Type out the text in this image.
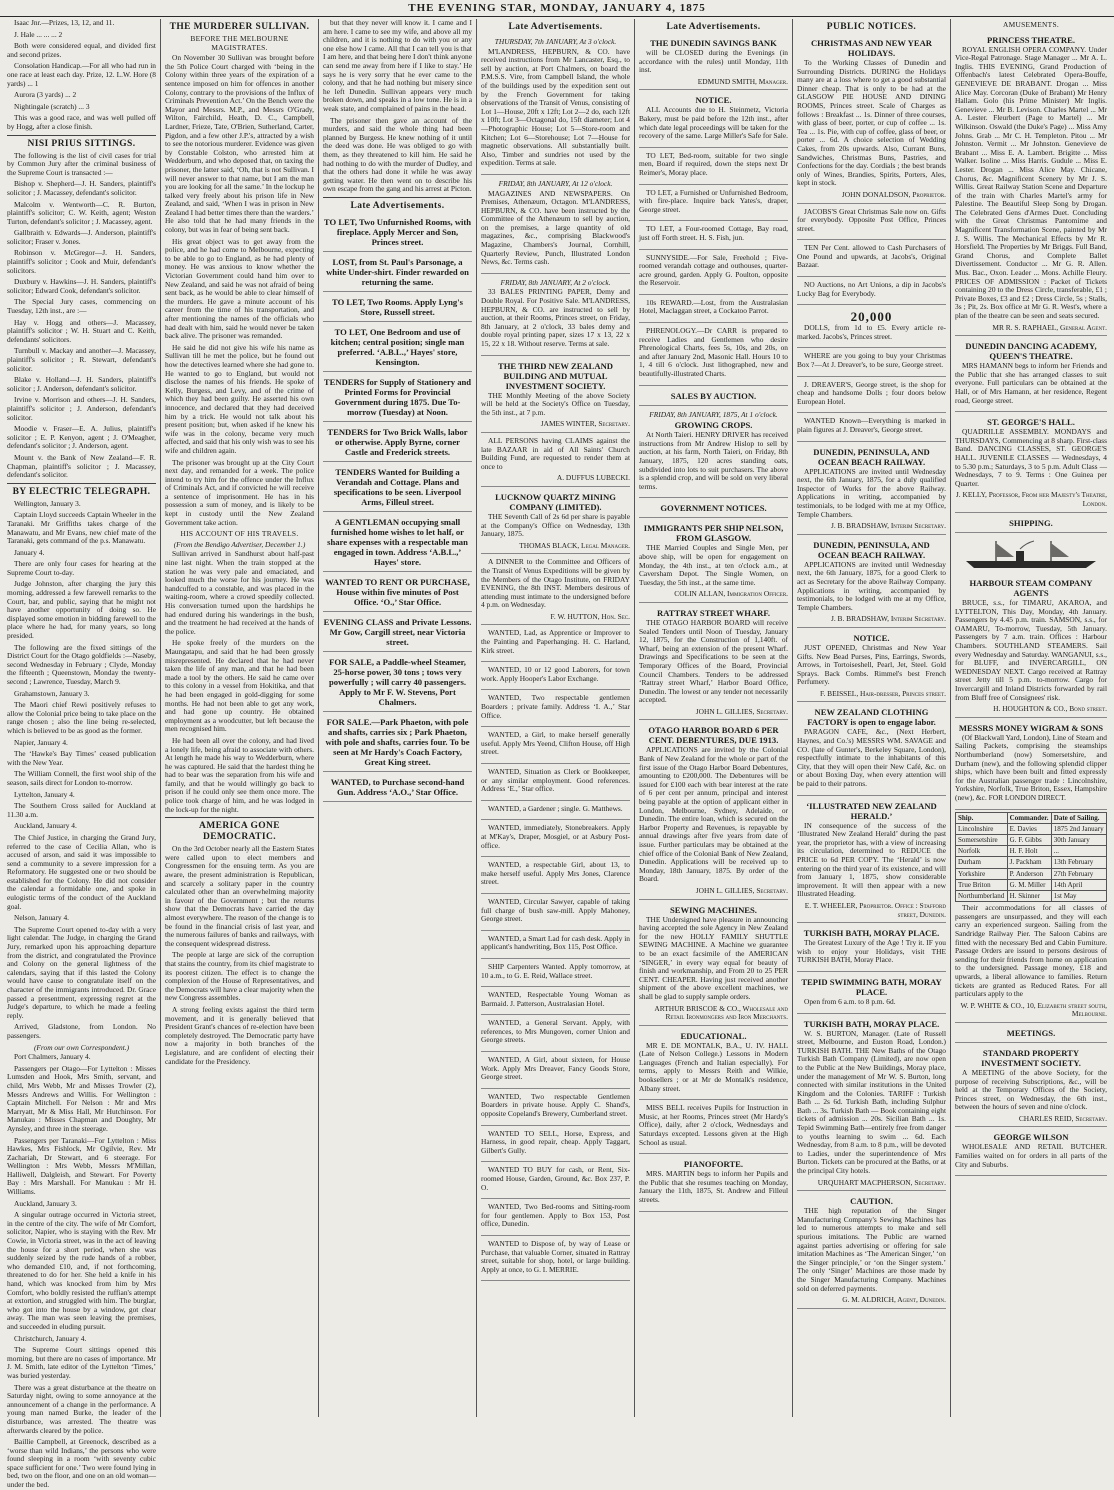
THE EVENING STAR, MONDAY, JANUARY 4, 1875

Isaac Jnr.—Prizes, 13, 12, and 11.

J. Hale ... ... ... 2

Both were considered equal, and divided first and second prizes.

Consolation Handicap.—For all who had run in one race at least each day. Prize, 12. L.W. Hore (8 yards) ... 1

Aurora (3 yards) ... 2

Nightingale (scratch) ... 3

This was a good race, and was well pulled off by Hogg, after a close finish.

NISI PRIUS SITTINGS.

The following is the list of civil cases for trial by Common Jury after the criminal business of the Supreme Court is transacted :—

Bishop v. Shepherd—J. H. Sanders, plaintiff's solicitor ; J. Macassey, defendant's solicitor.

Malcolm v. Wentworth—C. R. Burton, plaintiff's solicitor; C. W. Keith, agent; Weston Turton, defendant's solicitor ; J. Macassey, agent.

Gallbraith v. Edwards—J. Anderson, plaintiff's solicitor; Fraser v. Jones.

Robinson v. McGregor—J. H. Sanders, plaintiff's solicitor ; Cook and Muir, defendant's solicitors.

Duxbury v. Hawkins—J. H. Sanders, plaintiff's solicitor; Edward Cook, defendant's solicitor.

The Special Jury cases, commencing on Tuesday, 12th inst., are :—

Hay v. Hogg and others—J. Macassey, plaintiff's solicitor ; W. H. Stuart and C. Keith, defendants' solicitors.

Turnbull v. Mackay and another—J. Macassey, plaintiff's solicitor ; R. Stewart, defendant's solicitor.

Blake v. Holland—J. H. Sanders, plaintiff's solicitor ; J. Anderson, defendant's solicitor.

Irvine v. Morrison and others—J. H. Sanders, plaintiff's solicitor ; J. Anderson, defendant's solicitor.

Moodie v. Fraser—E. A. Julius, plaintiff's solicitor ; E. P. Kenyon, agent ; J. O'Meagher, defendant's solicitor ; J. Anderson, agent.

Mount v. the Bank of New Zealand—F. R. Chapman, plaintiff's solicitor ; J. Macassey, defendant's solicitor.

BY ELECTRIC TELEGRAPH.

Wellington, January 3.

Captain Lloyd succeeds Captain Wheeler in the Taranaki. Mr Griffiths takes charge of the Manawatu, and Mr Evans, new chief mate of the Taranaki, gets command of the p.s. Manawatu.

January 4.

There are only four cases for hearing at the Supreme Court to-day.

Judge Johnston, after charging the jury this morning, addressed a few farewell remarks to the Court, bar, and public, saying that he might not have another opportunity of doing so. He displayed some emotion in bidding farewell to the place where he had, for many years, so long presided.

The following are the fixed sittings of the District Court for the Otago goldfields :—Naseby, second Wednesday in February ; Clyde, Monday the fifteenth ; Queenstown, Monday the twenty-second ; Lawrence, Tuesday, March 9.

Grahamstown, January 3.

The Maori chief Rewi positively refuses to allow the Colonial price being to take place on the range chosen ; also the line being re-selected, which is believed to be as good as the former.

Napier, January 4.

The ‘Hawke's Bay Times’ ceased publication with the New Year.

The William Connell, the first wool ship of the season, sails direct for London to-morrow.

Lyttelton, January 4.

The Southern Cross sailed for Auckland at 11.30 a.m.

Auckland, January 4.

The Chief Justice, in charging the Grand Jury, referred to the case of Cecilia Allan, who is accused of arson, and said it was impossible to send a community to a severe impression for a Reformatory. He suggested one or two should be established for the Colony. He did not consider the calendar a formidable one, and spoke in eulogistic terms of the conduct of the Auckland goal.

Nelson, January 4.

The Supreme Court opened to-day with a very light calendar. The Judge, in charging the Grand Jury, remarked upon his approaching departure from the district, and congratulated the Province and Colony on the general lightness of the calendars, saying that if this lasted the Colony would have cause to congratulate itself on the character of the immigrants introduced. Dr. Grace passed a presentment, expressing regret at the Judge's departure, to which he made a feeling reply.

Arrived, Gladstone, from London. No passengers.

(From our own Correspondent.)

Port Chalmers, January 4.

Passengers per Otago—For Lyttelton : Misses Lumsden and Hook, Mrs Smith, servant, and child, Mrs Webb, Mr and Misses Trowler (2), Messrs Andrews and Willis. For Wellington : Captain Mitchell. For Nelson : Mr and Mrs Marryatt, Mr & Miss Hall, Mr Hutchinson. For Manukau : Misses Chapman and Doughty, Mr Aynsley, and three in the steerage.

Passengers per Taranaki—For Lyttelton : Miss Hawkes, Mrs Fishlock, Mr Ogilvie, Rev. Mr Zachariah, Dr Stewart, and 6 steerage. For Wellington : Mrs Webb, Messrs M'Millan, Halliwell, Dalgleish, and Stewart. For Poverty Bay : Mrs Marshall. For Manukau : Mr H. Williams.

Auckland, January 3.

A singular outrage occurred in Victoria street, in the centre of the city. The wife of Mr Comfort, solicitor, Napier, who is staying with the Rev. Mr Cowie, in Victoria street, was in the act of leaving the house for a short period, when she was suddenly seized by the rude hands of a robber, who demanded £10, and, if not forthcoming, threatened to do for her. She held a knife in his hand, which was knocked from him by Mrs Comfort, who boldly resisted the ruffian's attempt at extortion, and struggled with him. The burglar, who got into the house by a window, got clear away. The man was seen leaving the premises, and succeeded in eluding pursuit.

Christchurch, January 4.

The Supreme Court sittings opened this morning, but there are no cases of importance. Mr J. M. Smith, late editor of the Lyttelton ‘Times,’ was buried yesterday.

There was a great disturbance at the theatre on Saturday night, owing to some annoyance at the announcement of a change in the performance. A young man named Burke, the leader of the disturbance, was arrested. The theatre was afterwards cleared by the police.

Baillie Campbell, at Greenock, described as a ‘worse than wild Indians,’ the persons who were found sleeping in a room ‘with seventy cubic space sufficient for one.’ Two were found lying in bed, two on the floor, and one on an old woman—under the bed.

THE MURDERER SULLIVAN.
BEFORE THE MELBOURNE MAGISTRATES.

On November 30 Sullivan was brought before the 5th Police Court charged with ‘being in the Colony within three years of the expiration of a sentence imposed on him for offences in another Colony, contrary to the provisions of the Influx of Criminals Prevention Act.’ On the Bench were the Mayor and Messrs. M.P., and Messrs O'Grady, Wilton, Fairchild, Heath, D. C., Campbell, Lardner, Frieze, Tate, O'Brien, Sutherland, Carter, Pigdon, and a few other J.P.'s, attracted by a wish to see the notorious murderer. Evidence was given by Constable Colston, who arrested him at Wedderburn, and who deposed that, on taxing the prisoner, the latter said, ‘Oh, that is not Sullivan. I will never answer to that name, but I am the man you are looking for all the same.’ In the lockup he talked very freely about his prison life in New Zealand, and said, ‘When I was in prison in New Zealand I had better times there than the warders.’ He also told that he had many friends in the colony, but was in fear of being sent back.

His great object was to get away from the police, and he had come to Melbourne, expecting to be able to go to England, as he had plenty of money. He was anxious to know whether the Victorian Government could hand him over to New Zealand, and said he was not afraid of being sent back, as he would be able to clear himself of the murders. He gave a minute account of his career from the time of his transportation, and after mentioning the names of the officials who had dealt with him, said he would never be taken back alive. The prisoner was remanded.

He said he did not give his wife his name as Sullivan till he met the police, but he found out how the detectives learned where she had gone to. He wanted to go to England, but would not disclose the names of his friends. He spoke of Kelly, Burgess, and Levy, and of the crime of which they had been guilty. He asserted his own innocence, and declared that they had deceived him by a trick. He would not talk about his present position; but, when asked if he knew his wife was in the colony, became very much affected, and said that his only wish was to see his wife and children again.

The prisoner was brought up at the City Court next day, and remanded for a week. The police intend to try him for the offence under the Influx of Criminals Act, and if convicted he will receive a sentence of imprisonment. He has in his possession a sum of money, and is likely to be kept in custody until the New Zealand Government take action.

HIS ACCOUNT OF HIS TRAVELS.
(From the Bendigo Advertiser, December 1.)

Sullivan arrived in Sandhurst about half-past nine last night. When the train stopped at the station he was very pale and emaciated, and looked much the worse for his journey. He was handcuffed to a constable, and was placed in the waiting-room, where a crowd speedily collected. His conversation turned upon the hardships he had endured during his wanderings in the bush, and the treatment he had received at the hands of the police.

He spoke freely of the murders on the Maungatapu, and said that he had been grossly misrepresented. He declared that he had never taken the life of any man, and that he had been made a tool by the others. He said he came over to this colony in a vessel from Hokitika, and that he had been engaged in gold-digging for some months. He had not been able to get any work, and had gone up country. He obtained employment as a woodcutter, but left because the men recognised him.

He had been all over the colony, and had lived a lonely life, being afraid to associate with others. At length he made his way to Wedderburn, where he was captured. He said that the hardest thing he had to bear was the separation from his wife and family, and that he would willingly go back to prison if he could only see them once more. The police took charge of him, and he was lodged in the lock-up for the night.

AMERICA GONE DEMOCRATIC.

On the 3rd October nearly all the Eastern States were called upon to elect members and Congressmen for the ensuing term. As you are aware, the present administration is Republican, and scarcely a solitary paper in the country calculated other than an overwhelming majority in favour of the Government ; but the returns show that the Democrats have carried the day almost everywhere. The reason of the change is to be found in the financial crisis of last year, and the numerous failures of banks and railways, with the consequent widespread distress.

The people at large are sick of the corruption that stains the country, from its chief magistrate to its poorest citizen. The effect is to change the complexion of the House of Representatives, and the Democrats will have a clear majority when the new Congress assembles.

A strong feeling exists against the third term movement, and it is generally believed that President Grant's chances of re-election have been completely destroyed. The Democratic party have now a majority in both branches of the Legislature, and are confident of electing their candidate for the Presidency.

but that they never will know it. I came and I am here. I came to see my wife, and above all my children, and it is nothing to do with you or any one else how I came. All that I can tell you is that I am here, and that being here I don't think anyone can send me away from here if I like to stay.’ He says he is very sorry that he ever came to the colony, and that he had nothing but misery since he left Dunedin. Sullivan appears very much broken down, and speaks in a low tone. He is in a weak state, and complained of pains in the head.

The prisoner then gave an account of the murders, and said the whole thing had been planned by Burgess. He knew nothing of it until the deed was done. He was obliged to go with them, as they threatened to kill him. He said he had nothing to do with the murder of Dudley, and that the others had done it while he was away getting water. He then went on to describe his own escape from the gang and his arrest at Picton.

Late Advertisements.
TO LET, Two Unfurnished Rooms, with fireplace. Apply Mercer and Son, Princes street.
LOST, from St. Paul's Parsonage, a white Under-shirt. Finder rewarded on returning the same.
TO LET, Two Rooms. Apply Lyng's Store, Russell street.
TO LET, One Bedroom and use of kitchen; central position; single man preferred. ‘A.B.L.,’ Hayes' store, Kensington.
TENDERS for Supply of Stationery and Printed Forms for Provincial Government during 1875. Due To-morrow (Tuesday) at Noon.
TENDERS for Two Brick Walls, labor or otherwise. Apply Byrne, corner Castle and Frederick streets.
TENDERS Wanted for Building a Verandah and Cottage. Plans and specifications to be seen. Liverpool Arms, Filleul street.
A GENTLEMAN occupying small furnished home wishes to let half, or share expenses with a respectable man engaged in town. Address ‘A.B.L.,’ Hayes' store.
WANTED TO RENT OR PURCHASE, House within five minutes of Post Office. ‘O.,’ Star Office.
EVENING CLASS and Private Lessons. Mr Gow, Cargill street, near Victoria street.
FOR SALE, a Paddle-wheel Steamer, 25-horse power, 30 tons ; tows very powerfully ; will carry 40 passengers. Apply to Mr F. W. Stevens, Port Chalmers.
FOR SALE.—Park Phaeton, with pole and shafts, carries six ; Park Phaeton, with pole and shafts, carries four. To be seen at Mr Hardy's Coach Factory, Great King street.
WANTED, to Purchase second-hand Gun. Address ‘A.O.,’ Star Office.
Late Advertisements.
THURSDAY, 7th JANUARY, At 3 o'clock.

M'LANDRESS, HEPBURN, & CO. have received instructions from Mr Lancaster, Esq., to sell by auction, at Port Chalmers, on board the P.M.S.S. Vire, from Campbell Island, the whole of the buildings used by the expedition sent out by the French Government for taking observations of the Transit of Venus, consisting of Lot 1—House, 20ft x 12ft; Lot 2—2 do, each 12ft x 10ft; Lot 3—Octagonal do, 15ft diameter; Lot 4—Photographic House; Lot 5—Store-room and Kitchen; Lot 6—Storehouse; Lot 7—House for magnetic observations. All substantially built. Also, Timber and sundries not used by the expedition. Terms at sale.

FRIDAY, 8th JANUARY, At 12 o'clock.

MAGAZINES AND NEWSPAPERS. On Premises, Athenæum, Octagon. M'LANDRESS, HEPBURN, & CO. have been instructed by the Committee of the Athenæum to sell by auction, on the premises, a large quantity of old magazines, &c., comprising Blackwood's Magazine, Chambers's Journal, Cornhill, Quarterly Review, Punch, Illustrated London News, &c. Terms cash.

FRIDAY, 8th JANUARY, At 2 o'clock.

33 BALES PRINTING PAPER, Demy and Double Royal. For Positive Sale. M'LANDRESS, HEPBURN, & CO. are instructed to sell by auction, at their Rooms, Princes street, on Friday, 8th January, at 2 o'clock, 33 bales demy and double royal printing paper, sizes 17 x 13, 22 x 15, 22 x 18. Without reserve. Terms at sale.

THE THIRD NEW ZEALAND BUILDING AND MUTUAL INVESTMENT SOCIETY.

THE Monthly Meeting of the above Society will be held at the Society's Office on Tuesday, the 5th inst., at 7 p.m.

JAMES WINTER, Secretary.

ALL PERSONS having CLAIMS against the late BAZAAR in aid of All Saints' Church Building Fund, are requested to render them at once to

A. DUFFUS LUBECKI.
LUCKNOW QUARTZ MINING COMPANY (LIMITED).

THE Seventh Call of 2s 6d per share is payable at the Company's Office on Wednesday, 13th January, 1875.

THOMAS BLACK, Legal Manager.

A DINNER to the Committee and Officers of the Transit of Venus Expeditions will be given by the Members of the Otago Institute, on FRIDAY EVENING, the 8th INST. Members desirous of attending must intimate to the undersigned before 4 p.m. on Wednesday.

F. W. HUTTON, Hon. Sec.

WANTED, Lad, as Apprentice or Improver to the Painting and Paperhanging. H. C. Harland, Kirk street.

WANTED, 10 or 12 good Laborers, for town work. Apply Hooper's Labor Exchange.

WANTED, Two respectable gentlemen Boarders ; private family. Address ‘I. A.,’ Star Office.

WANTED, a Girl, to make herself generally useful. Apply Mrs Yeend, Clifton House, off High street.

WANTED, Situation as Clerk or Bookkeeper, or any similar employment. Good references. Address ‘E.,’ Star office.

WANTED, a Gardener ; single. G. Matthews.

WANTED, immediately, Stonebreakers. Apply at M'Kay's, Draper, Mosgiel, or at Asbury Post-office.

WANTED, a respectable Girl, about 13, to make herself useful. Apply Mrs Jones, Clarence street.

WANTED, Circular Sawyer, capable of taking full charge of bush saw-mill. Apply Mahoney, George street.

WANTED, a Smart Lad for cash desk. Apply in applicant's handwriting, Box 115, Post Office.

SHIP Carpenters Wanted. Apply tomorrow, at 10 a.m., to G. E. Reid, Wallace street.

WANTED, Respectable Young Woman as Barmaid. J. Patterson, Australasian Hotel.

WANTED, a General Servant. Apply, with references, to Mrs Mungoven, corner Union and George streets.

WANTED, A Girl, about sixteen, for House Work. Apply Mrs Dreaver, Fancy Goods Store, George street.

WANTED, Two respectable Gentlemen Boarders in private house. Apply C. Shand's, opposite Copeland's Brewery, Cumberland street.

WANTED TO SELL, Horse, Express, and Harness, in good repair, cheap. Apply Taggart, Gilbert's Gully.

WANTED TO BUY for cash, or Rent, Six-roomed House, Garden, Ground, &c. Box 237, P. O.

WANTED, Two Bed-rooms and Sitting-room for four gentlemen. Apply to Box 153, Post office, Dunedin.

WANTED to Dispose of, by way of Lease or Purchase, that valuable Corner, situated in Rattray street, suitable for shop, hotel, or large building. Apply at once, to G. I. MERRIE.

Late Advertisements.
THE DUNEDIN SAVINGS BANK

will be CLOSED during the Evenings (in accordance with the rules) until Monday, 11th inst.

EDMUND SMITH, Manager.
NOTICE.

ALL Accounts due to H. Steinmetz, Victoria Bakery, must be paid before the 12th inst., after which date legal proceedings will be taken for the recovery of the same. Large Miller's Safe for Sale.

TO LET, Bed-room, suitable for two single men, Board if required, down the steps next Dr Reimer's, Moray place.

TO LET, a Furnished or Unfurnished Bedroom, with fire-place. Inquire back Yates's, draper, George street.

TO LET, a Four-roomed Cottage, Bay road, just off Forth street. H. S. Fish, jun.

SUNNYSIDE.—For Sale, Freehold ; Five-roomed verandah cottage and outhouses, quarter-acre ground, garden. Apply G. Poulton, opposite the Reservoir.

10s REWARD.—Lost, from the Australasian Hotel, Maclaggan street, a Cockatoo Parrot.

PHRENOLOGY.—Dr CARR is prepared to receive Ladies and Gentlemen who desire Phrenological Charts, fees 5s, 10s, and 20s, on and after January 2nd, Masonic Hall. Hours 10 to 1, 4 till 6 o'clock. Just lithographed, new and beautifully-illustrated Charts.

SALES BY AUCTION.
FRIDAY, 8th JANUARY, 1875, At 1 o'clock.
GROWING CROPS.

At North Taieri. HENRY DRIVER has received instructions from Mr Andrew Hislop to sell by auction, at his farm, North Taieri, on Friday, 8th January, 1875, 120 acres standing oats, subdivided into lots to suit purchasers. The above is a splendid crop, and will be sold on very liberal terms.

GOVERNMENT NOTICES.
IMMIGRANTS PER SHIP NELSON, FROM GLASGOW.

THE Married Couples and Single Men, per above ship, will be open for engagement on Monday, the 4th inst., at ten o'clock a.m., at Caversham Depot. The Single Women, on Tuesday, the 5th inst., at the same time.

COLIN ALLAN, Immigration Officer.
RATTRAY STREET WHARF.

THE OTAGO HARBOR BOARD will receive Sealed Tenders until Noon of Tuesday, January 12, 1875, for the Construction of 1,140ft. of Wharf, being an extension of the present Wharf. Drawings and Specifications to be seen at the Temporary Offices of the Board, Provincial Council Chambers. Tenders to be addressed ‘Rattray street Wharf,’ Harbor Board Office, Dunedin. The lowest or any tender not necessarily accepted.

JOHN L. GILLIES, Secretary.
OTAGO HARBOR BOARD 6 PER CENT. DEBENTURES, DUE 1913.

APPLICATIONS are invited by the Colonial Bank of New Zealand for the whole or part of the first issue of the Otago Harbor Board Debentures, amounting to £200,000. The Debentures will be issued for £100 each with bear interest at the rate of 6 per cent per annum, principal and interest being payable at the option of applicant either in London, Melbourne, Sydney, Adelaide, or Dunedin. The entire loan, which is secured on the Harbor Property and Revenues, is repayable by annual drawings after five years from date of issue. Further particulars may be obtained at the chief office of the Colonial Bank of New Zealand, Dunedin. Applications will be received up to Monday, 18th January, 1875. By order of the Board.

JOHN L. GILLIES, Secretary.
SEWING MACHINES.

THE Undersigned have pleasure in announcing having accepted the sole Agency in New Zealand for the new HOLLY FAMILY SHUTTLE SEWING MACHINE. A Machine we guarantee to be an exact facsimile of the AMERICAN ‘SINGER,’ in every way equal for beauty of finish and workmanship, and From 20 to 25 PER CENT. CHEAPER. Having just received another shipment of the above excellent machines, we shall be glad to supply sample orders.

ARTHUR BRISCOE & CO., Wholesale and Retail Ironmongers and Iron Merchants.
EDUCATIONAL.

MR E. DE MONTALK, B.A., U. IV. HALL (Late of Nelson College.) Lessons in Modern Languages (French and Italian especially). For terms, apply to Messrs Reith and Wilkie, booksellers ; or at Mr de Montalk's residence, Albany street.

MISS BELL receives Pupils for Instruction in Music, at her Rooms, Princes street (Mr Hardy's Office), daily, after 2 o'clock, Wednesdays and Saturdays excepted. Lessons given at the High School as usual.

PIANOFORTE.

MRS. MARTIN begs to inform her Pupils and the Public that she resumes teaching on Monday, January the 11th, 1875, St. Andrew and Filleul streets.

PUBLIC NOTICES.
CHRISTMAS AND NEW YEAR HOLIDAYS.

To the Working Classes of Dunedin and Surrounding Districts. DURING the Holidays many are at a loss where to get a good substantial Dinner cheap. That is only to be had at the GLASGOW PIE HOUSE AND DINING ROOMS, Princes street. Scale of Charges as follows : Breakfast ... 1s. Dinner of three courses, with glass of beer, porter, or cup of coffee ... 1s. Tea ... 1s. Pie, with cup of coffee, glass of beer, or porter ... 6d. A choice selection of Wedding Cakes, from 20s upwards. Also, Currant Buns, Sandwiches, Christmas Buns, Pastries, and Confections for the day. Cordials ; the best brands only of Wines, Brandies, Spirits, Porters, Ales, kept in stock.

JOHN DONALDSON, Proprietor.

JACOBS'S Great Christmas Sale now on. Gifts for everybody. Opposite Post Office, Princes street.

TEN Per Cent. allowed to Cash Purchasers of One Pound and upwards, at Jacobs's, Original Bazaar.

NO Auctions, no Art Unions, a dip in Jacobs's Lucky Bag for Everybody.

20,000

DOLLS, from 1d to £5. Every article re-marked. Jacobs's, Princes street.

WHERE are you going to buy your Christmas Box ?—At J. Dreaver's, to be sure, George street.

J. DREAVER'S, George street, is the shop for cheap and handsome Dolls ; four doors below European Hotel.

WANTED Known—Everything is marked in plain figures at J. Dreaver's, George street.

DUNEDIN, PENINSULA, AND OCEAN BEACH RAILWAY.

APPLICATIONS are invited until Wednesday next, the 6th January, 1875, for a duly qualified Inspector of Works for the above Railway. Applications in writing, accompanied by testimonials, to be lodged with me at my Office, Temple Chambers.

J. B. BRADSHAW, Interim Secretary.
DUNEDIN, PENINSULA, AND OCEAN BEACH RAILWAY.

APPLICATIONS are invited until Wednesday next, the 6th January, 1875, for a good Clerk to act as Secretary for the above Railway Company. Applications in writing, accompanied by testimonials, to be lodged with me at my Office, Temple Chambers.

J. B. BRADSHAW, Interim Secretary.
NOTICE.

JUST OPENED, Christmas and New Year Gifts. New Bead Purses, Pins, Earrings, Swords, Arrows, in Tortoiseshell, Pearl, Jet, Steel. Gold Sprays. Back Combs. Rimmel's best French Perfumery.

F. BEISSEL, Hair-dresser, Princes street.
NEW ZEALAND CLOTHING FACTORY is open to engage labor.

PARAGON CAFE, &c., (Next Herbert, Haynes, and Co.'s) MESSRS WM. SAVAGE and CO. (late of Gunter's, Berkeley Square, London), respectfully intimate to the inhabitants of this City, that they will open their New Café, &c. on or about Boxing Day, when every attention will be paid to their patrons.

‘ILLUSTRATED NEW ZEALAND HERALD.’

IN consequence of the success of the ‘Illustrated New Zealand Herald’ during the past year, the proprietor has, with a view of increasing its circulation, determined to REDUCE the PRICE to 6d PER COPY. The ‘Herald’ is now entering on the third year of its existence, and will from January 1, 1875, show considerable improvement. It will then appear with a new Illustrated Heading.

E. T. WHEELER, Proprietor. Office : Stafford street, Dunedin.
TURKISH BATH, MORAY PLACE.

The Greatest Luxury of the Age ! Try it. IF you wish to enjoy your Holidays, visit THE TURKISH BATH, Moray Place.

TEPID SWIMMING BATH, MORAY PLACE.

Open from 6 a.m. to 8 p.m. 6d.

TURKISH BATH, MORAY PLACE.

W. S. BURTON, Manager. (Late of Russell street, Melbourne, and Euston Road, London.) TURKISH BATH. THE New Baths of the Otago Turkish Bath Company (Limited), are now open to the Public at the New Buildings, Moray place, under the management of Mr W. S. Burton, long connected with similar institutions in the United Kingdom and the Colonies. TARIFF : Turkish Bath ... 2s 6d. Turkish Bath, including Sulphur Bath ... 3s. Turkish Bath — Book containing eight tickets of admission ... 20s. Sicilian Bath ... 1s. Tepid Swimming Bath—entirely free from danger to youths learning to swim ... 6d. Each Wednesday, from 8 a.m. to 8 p.m., will be devoted to Ladies, under the superintendence of Mrs Burton. Tickets can be procured at the Baths, or at the principal City hotels.

URQUHART MACPHERSON, Secretary.
CAUTION.

THE high reputation of the Singer Manufacturing Company's Sewing Machines has led to numerous attempts to make and sell spurious imitations. The Public are warned against parties advertising or offering for sale imitation Machines as ‘The American Singer,’ ‘on the Singer principle,’ or ‘on the Singer system.’ The only ‘Singer’ Machines are those made by the Singer Manufacturing Company. Machines sold on deferred payments.

G. M. ALDRICH, Agent, Dunedin.
AMUSEMENTS.
PRINCESS THEATRE.

ROYAL ENGLISH OPERA COMPANY. Under Vice-Regal Patronage. Stage Manager ... Mr A. L. Inglis. THIS EVENING, Grand Production of Offenbach's latest Celebrated Opera-Bouffe, GENEVIEVE DE BRABANT. Drogan ... Miss Alice May. Corcoran (Duke of Brabant) Mr Henry Hallam. Golo (his Prime Minister) Mr Inglis. Genevieve ... Mr B. Levison. Charles Martel ... Mr A. Lester. Fleurbert (Page to Martel) ... Mr Wilkinson. Oswald (the Duke's Page) ... Miss Amy Johns. Grab ... Mr C. H. Templeton. Pitou ... Mr Johnston. Vermit ... Mr Johnston. Genevieve de Brabant ... Miss E. A. Lambert. Brigitte ... Miss Walker. Isoline ... Miss Harris. Gudule ... Miss E. Lester. Drogan ... Miss Alice May. Chicane, Chorus, &c. Magnificent Scenery by Mr J. S. Willis. Great Railway Station Scene and Departure of the train with Charles Martel's army for Palestine. The Beautiful Sleep Song by Drogan. The Celebrated Gens d'Armes Duet. Concluding with the Great Christmas Pantomime and Magnificent Transformation Scene, painted by Mr J. S. Willis. The Mechanical Effects by Mr R. Horsfield. The Properties by Mr Briggs. Full Band, Grand Chorus, and Complete Ballet Divertissement. Conductor ... Mr G. R. Allen. Mus. Bac., Oxon. Leader ... Mons. Achille Fleury. PRICES OF ADMISSION : Packet of Tickets containing 20 to the Dress Circle, transferable, £1 ; Private Boxes, £3 and £2 ; Dress Circle, 5s ; Stalls, 3s ; Pit, 2s. Box office at Mr G. R. West's, where a plan of the theatre can be seen and seats secured.

MR R. S. RAPHAEL, General Agent.
DUNEDIN DANCING ACADEMY, QUEEN'S THEATRE.

MRS HAMANN begs to inform her Friends and the Public that she has arranged classes to suit everyone. Full particulars can be obtained at the Hall, or of Mrs Hamann, at her residence, Regent road, George street.

ST. GEORGE'S HALL.

QUADRILLE ASSEMBLY. MONDAYS and THURSDAYS, Commencing at 8 sharp. First-class Band. DANCING CLASSES, ST. GEORGE'S HALL. JUVENILE CLASSES — Wednesdays, 4 to 5.30 p.m.; Saturdays, 3 to 5 p.m. Adult Class — Wednesdays, 7 to 9. Terms : One Guinea per Quarter.

J. KELLY, Professor, From her Majesty's Theatre, London.
SHIPPING.
HARBOUR STEAM COMPANY AGENTS

BRUCE, s.s., for TIMARU, AKAROA, and LYTTELTON, This Day, Monday, 4th January. Passengers by 4.45 p.m. train. SAMSON, s.s., for OAMARU, To-morrow, Tuesday, 5th January. Passengers by 7 a.m. train. Offices : Harbour Chambers. SOUTHLAND STEAMERS. Sail every Wednesday and Saturday. WANGANUI, s.s., for BLUFF, and INVERCARGILL, ON WEDNESDAY NEXT. Cargo received at Rattray street Jetty till 5 p.m. to-morrow. Cargo for Invercargill and Inland Districts forwarded by rail from Bluff free of Consignees' risk.

H. HOUGHTON & CO., Bond street.
MESSRS MONEY WIGRAM & SONS

(Of Blackwall Yard, London), Line of Steam and Sailing Packets, comprising the steamships Northumberland (now) Somersetshire, and Durham (new), and the following splendid clipper ships, which have been built and fitted expressly for the Australian passenger trade : Lincolnshire, Yorkshire, Norfolk, True Briton, Essex, Hampshire (new), &c. FOR LONDON DIRECT.

Ship.	Commander.	Date of Sailing.
Lincolnshire	E. Davies	1875 2nd January
Somersetshire	G. F. Gibbs	30th January
Norfolk	H. F. Holt	...
Durham	J. Packham	13th February
Yorkshire	P. Anderson	27th February
True Briton	G. M. Miller	14th April
Northumberland	H. Skinner	1st May

Their accommodations for all classes of passengers are unsurpassed, and they will each carry an experienced surgeon. Sailing from the Sandridge Railway Pier. The Saloon Cabins are fitted with the necessary Bed and Cabin Furniture. Passage Orders are issued to persons desirous of sending for their friends from home on application to the undersigned. Passage money, £18 and upwards, a liberal allowance to families. Return tickets are granted as Reduced Rates. For all particulars apply to the

W. P. WHITE & CO., 10, Elizabeth street south, Melbourne.
MEETINGS.
STANDARD PROPERTY INVESTMENT SOCIETY.

A MEETING of the above Society, for the purpose of receiving Subscriptions, &c., will be held at the Temporary Offices of the Society, Princes street, on Wednesday, the 6th inst., between the hours of seven and nine o'clock.

CHARLES REID, Secretary.
GEORGE WILSON

WHOLESALE AND RETAIL BUTCHER. Families waited on for orders in all parts of the City and Suburbs.
